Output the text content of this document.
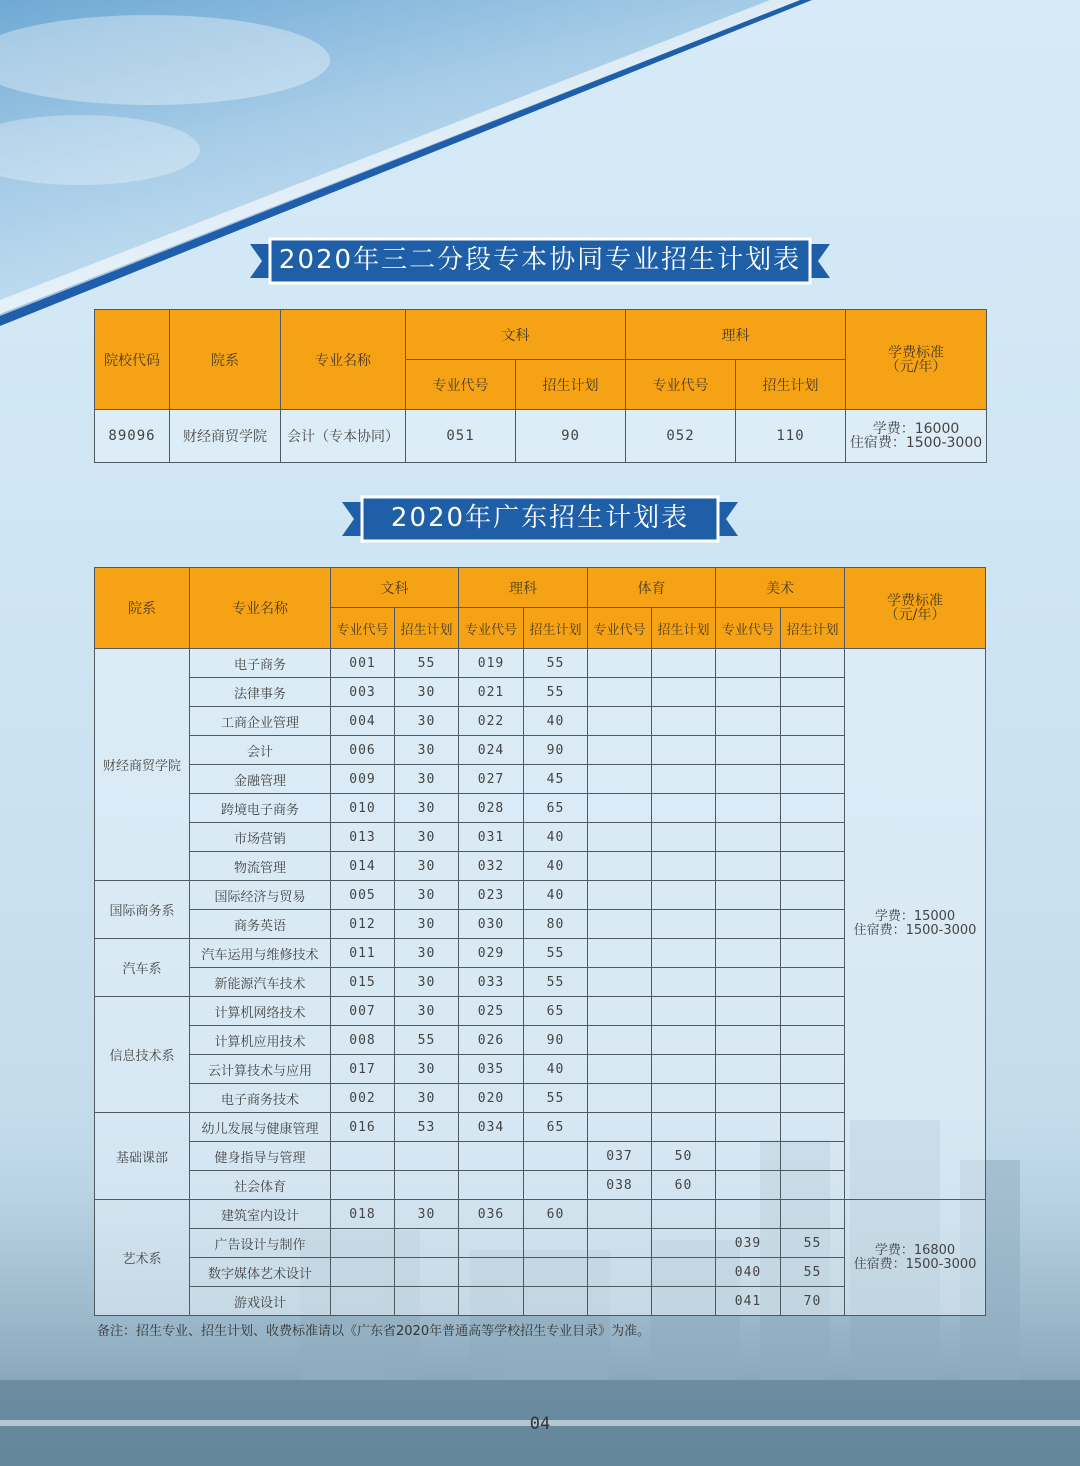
2020年三二分段专本协同专业招生计划表
院校代码	院系	专业名称	文科		理科		学费标准
（元/年）

			专业代号	招生计划	专业代号	招生计划	
89096	财经商贸学院	会计（专本协同）	051	90	052	110	学费：16000
住宿费：1500-3000
2020年广东招生计划表
院系	专业名称	文科		理科		体育		美术		学费标准
（元/年）

		专业代号	招生计划	专业代号	招生计划	专业代号	招生计划	专业代号	招生计划	
财经商贸学院	电子商务	001	55	019	55					学费：15000
住宿费：1500-3000

	法律事务	003	30	021	55					
	工商企业管理	004	30	022	40					
	会计	006	30	024	90					
	金融管理	009	30	027	45					
	跨境电子商务	010	30	028	65					
	市场营销	013	30	031	40					
	物流管理	014	30	032	40					
国际商务系	国际经济与贸易	005	30	023	40					
	商务英语	012	30	030	80					
汽车系	汽车运用与维修技术	011	30	029	55					
	新能源汽车技术	015	30	033	55					
信息技术系	计算机网络技术	007	30	025	65					
	计算机应用技术	008	55	026	90					
	云计算技术与应用	017	30	035	40					
	电子商务技术	002	30	020	55					
基础课部	幼儿发展与健康管理	016	53	034	65					
	健身指导与管理					037	50			
	社会体育					038	60			
艺术系	建筑室内设计	018	30	036	60					学费：16800
住宿费：1500-3000

	广告设计与制作							039	55	
	数字媒体艺术设计							040	55	
	游戏设计							041	70	
备注：招生专业、招生计划、收费标准请以《广东省2020年普通高等学校招生专业目录》为准。
04
